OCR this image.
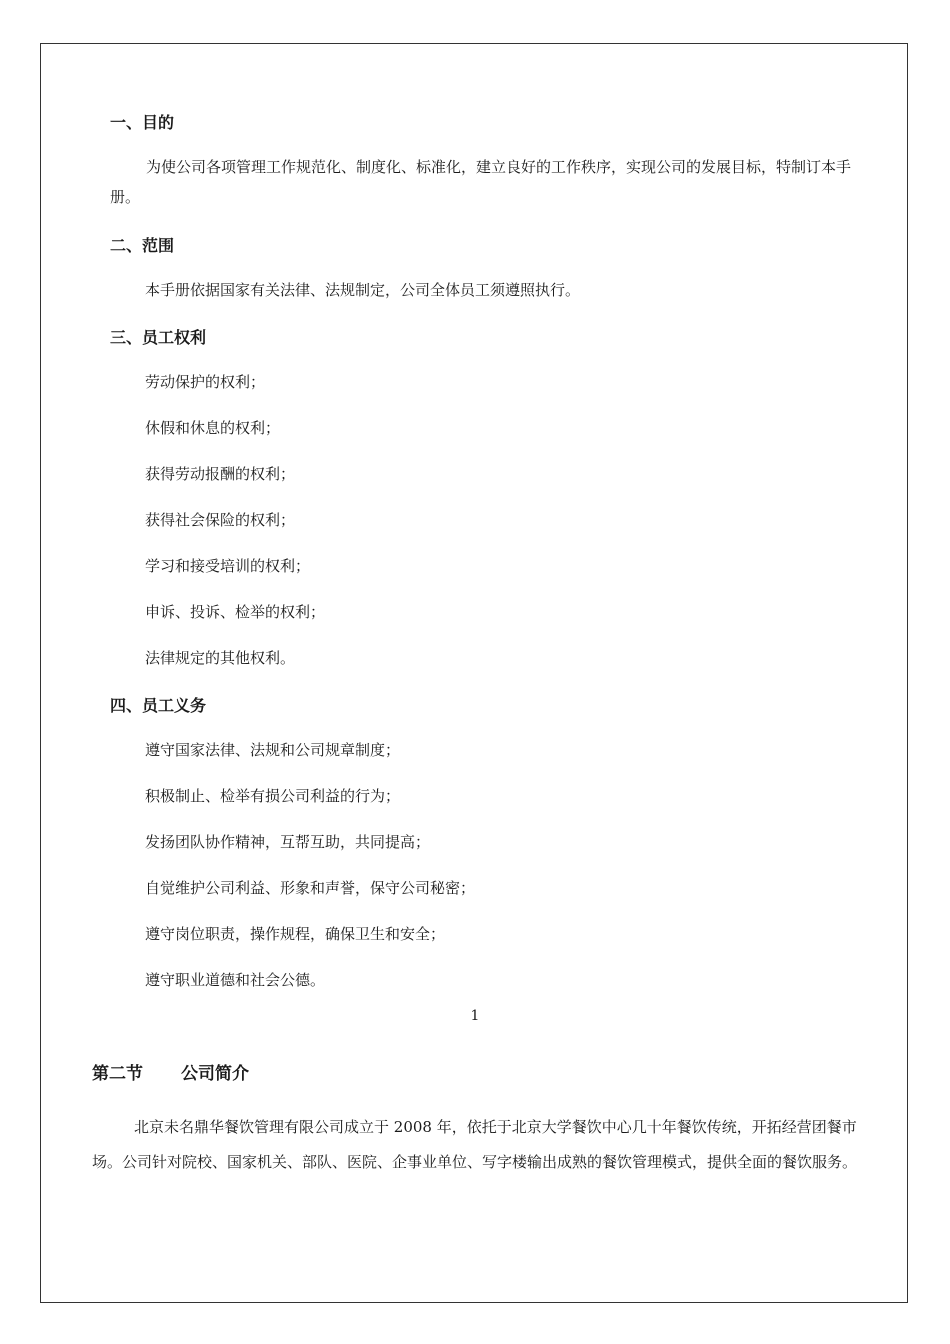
一、目的

为使公司各项管理工作规范化、制度化、标准化，建立良好的工作秩序，实现公司的发展目标，特制订本手册。

二、范围

本手册依据国家有关法律、法规制定，公司全体员工须遵照执行。

三、员工权利

劳动保护的权利；

休假和休息的权利；

获得劳动报酬的权利；

获得社会保险的权利；

学习和接受培训的权利；

申诉、投诉、检举的权利；

法律规定的其他权利。

四、员工义务

遵守国家法律、法规和公司规章制度；

积极制止、检举有损公司利益的行为；

发扬团队协作精神，互帮互助，共同提高；

自觉维护公司利益、形象和声誉，保守公司秘密；

遵守岗位职责，操作规程，确保卫生和安全；

遵守职业道德和社会公德。

1
第二节 公司简介

北京未名鼎华餐饮管理有限公司成立于 2008 年，依托于北京大学餐饮中心几十年餐饮传统，开拓经营团餐市场。公司针对院校、国家机关、部队、医院、企事业单位、写字楼输出成熟的餐饮管理模式，提供全面的餐饮服务。
